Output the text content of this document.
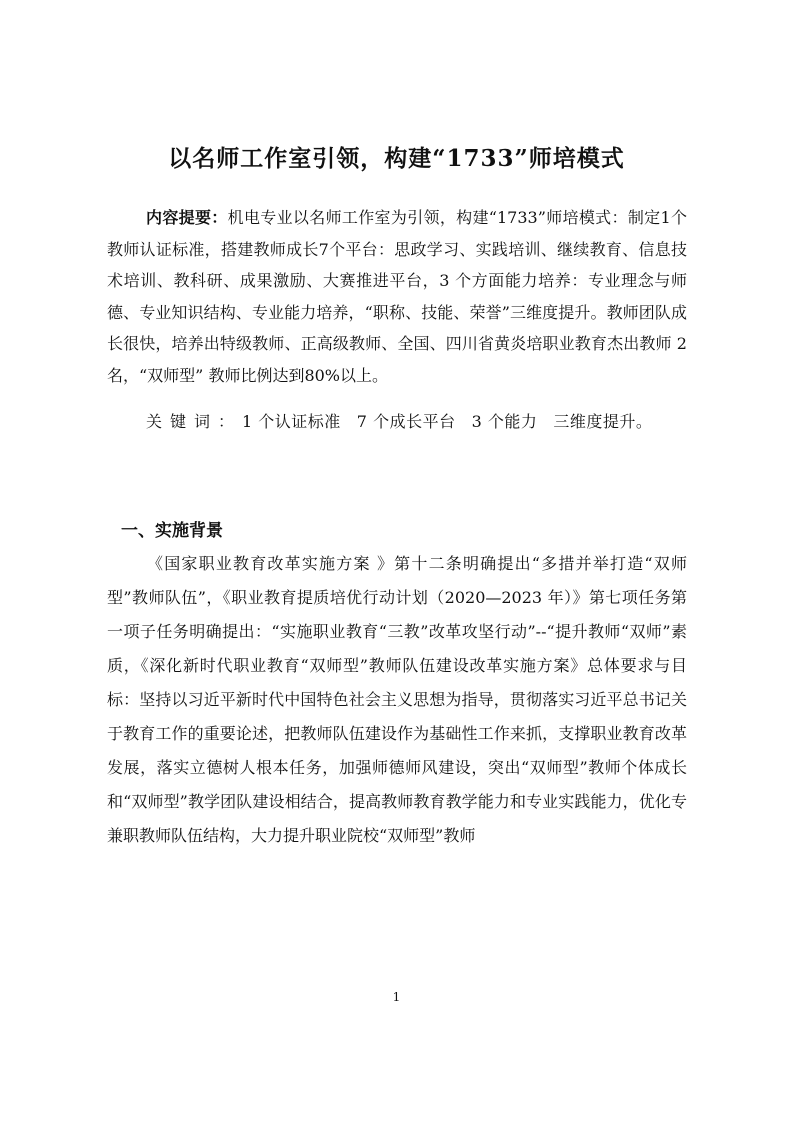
以名师工作室引领，构建“1733”师培模式
内容提要：机电专业以名师工作室为引领，构建“1733”师培模式：制定1个教师认证标准，搭建教师成长7个平台：思政学习、实践培训、继续教育、信息技术培训、教科研、成果激励、大赛推进平台，3 个方面能力培养：专业理念与师德、专业知识结构、专业能力培养，“职称、技能、荣誉”三维度提升。教师团队成长很快，培养出特级教师、正高级教师、全国、四川省黄炎培职业教育杰出教师 2 名，“双师型” 教师比例达到80%以上。
关键词：1 个认证标准 7 个成长平台 3 个能力 三维度提升。
一、实施背景
《国家职业教育改革实施方案 》第十二条明确提出“多措并举打造“双师型”教师队伍”，《职业教育提质培优行动计划（2020—2023 年）》第七项任务第一项子任务明确提出：“实施职业教育“三教”改革攻坚行动”--“提升教师“双师”素质，《深化新时代职业教育“双师型”教师队伍建设改革实施方案》总体要求与目标：坚持以习近平新时代中国特色社会主义思想为指导，贯彻落实习近平总书记关于教育工作的重要论述，把教师队伍建设作为基础性工作来抓，支撑职业教育改革发展，落实立德树人根本任务，加强师德师风建设，突出“双师型”教师个体成长和“双师型”教学团队建设相结合，提高教师教育教学能力和专业实践能力，优化专兼职教师队伍结构，大力提升职业院校“双师型”教师
1
